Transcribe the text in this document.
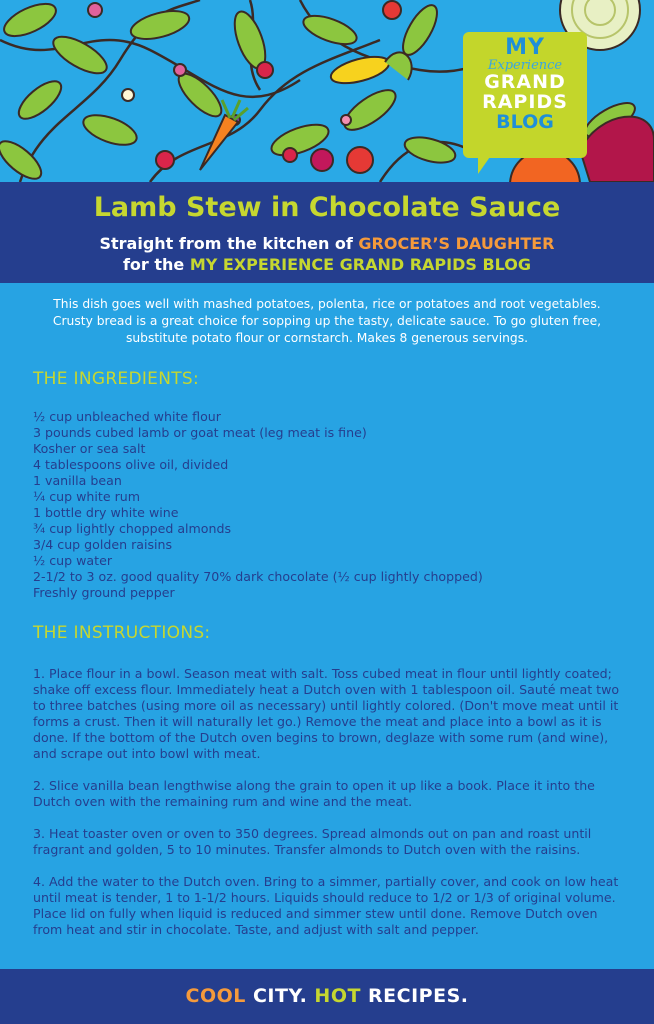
MY
Experience
GRAND
RAPIDS
BLOG
Lamb Stew in Chocolate Sauce
Straight from the kitchen of GROCER’S DAUGHTER
for the MY EXPERIENCE GRAND RAPIDS BLOG

This dish goes well with mashed potatoes, polenta, rice or potatoes and root vegetables. Crusty bread is a great choice for sopping up the tasty, delicate sauce. To go gluten free, substitute potato flour or cornstarch. Makes 8 generous servings.

THE INGREDIENTS:
½ cup unbleached white flour
3 pounds cubed lamb or goat meat (leg meat is fine)
Kosher or sea salt
4 tablespoons olive oil, divided
1 vanilla bean
¼ cup white rum
1 bottle dry white wine
¾ cup lightly chopped almonds
3/4 cup golden raisins
½ cup water
2-1/2 to 3 oz. good quality 70% dark chocolate (½ cup lightly chopped)
Freshly ground pepper
THE INSTRUCTIONS:

1. Place flour in a bowl. Season meat with salt. Toss cubed meat in flour until lightly coated; shake off excess flour. Immediately heat a Dutch oven with 1 tablespoon oil. Sauté meat two to three batches (using more oil as necessary) until lightly colored. (Don't move meat until it forms a crust. Then it will naturally let go.) Remove the meat and place into a bowl as it is done. If the bottom of the Dutch oven begins to brown, deglaze with some rum (and wine), and scrape out into bowl with meat.

2. Slice vanilla bean lengthwise along the grain to open it up like a book. Place it into the Dutch oven with the remaining rum and wine and the meat.

3. Heat toaster oven or oven to 350 degrees. Spread almonds out on pan and roast until fragrant and golden, 5 to 10 minutes. Transfer almonds to Dutch oven with the raisins.

4. Add the water to the Dutch oven. Bring to a simmer, partially cover, and cook on low heat until meat is tender, 1 to 1-1/2 hours. Liquids should reduce to 1/2 or 1/3 of original volume. Place lid on fully when liquid is reduced and simmer stew until done. Remove Dutch oven from heat and stir in chocolate. Taste, and adjust with salt and pepper.

COOL CITY. HOT RECIPES.
